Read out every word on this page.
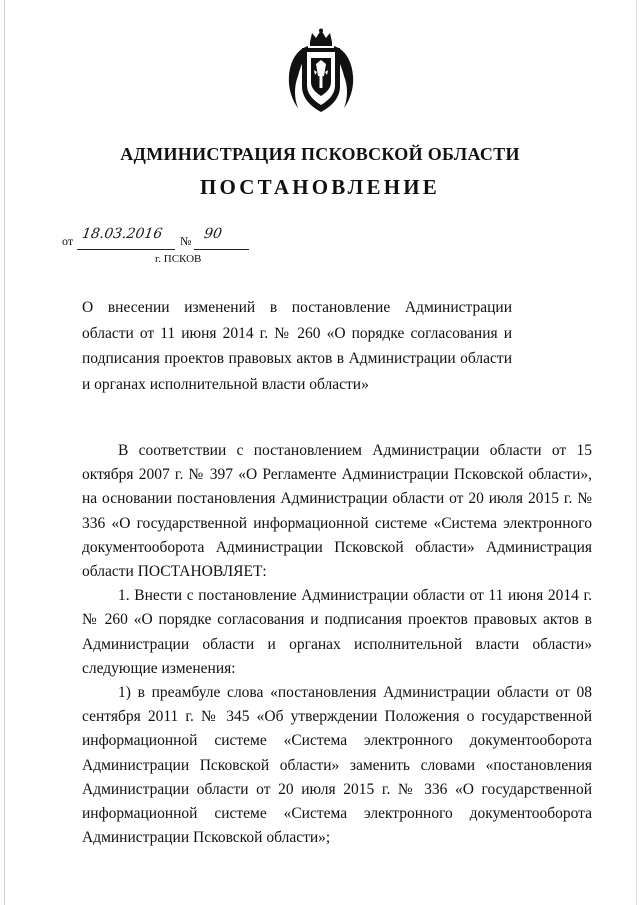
АДМИНИСТРАЦИЯ ПСКОВСКОЙ ОБЛАСТИ
ПОСТАНОВЛЕНИЕ
от 18.03.2016 № 90
г. ПСКОВ
О внесении изменений в постановление Администрации области от 11 июня 2014 г. № 260 «О порядке согласования и подписания проектов правовых актов в Администрации области и органах исполнительной власти области»

В соответствии с постановлением Администрации области от 15 октября 2007 г. № 397 «О Регламенте Администрации Псковской области», на основании постановления Администрации области от 20 июля 2015 г. № 336 «О государственной информационной системе «Система электронного документооборота Администрации Псковской области» Администрация области ПОСТАНОВЛЯЕТ:

1. Внести с постановление Администрации области от 11 июня 2014 г. № 260 «О порядке согласования и подписания проектов правовых актов в Администрации области и органах исполнительной власти области» следующие изменения:

1) в преамбуле слова «постановления Администрации области от 08 сентября 2011 г. № 345 «Об утверждении Положения о государственной информационной системе «Система электронного документооборота Администрации Псковской области» заменить словами «постановления Администрации области от 20 июля 2015 г. № 336 «О государственной информационной системе «Система электронного документооборота Администрации Псковской области»;
